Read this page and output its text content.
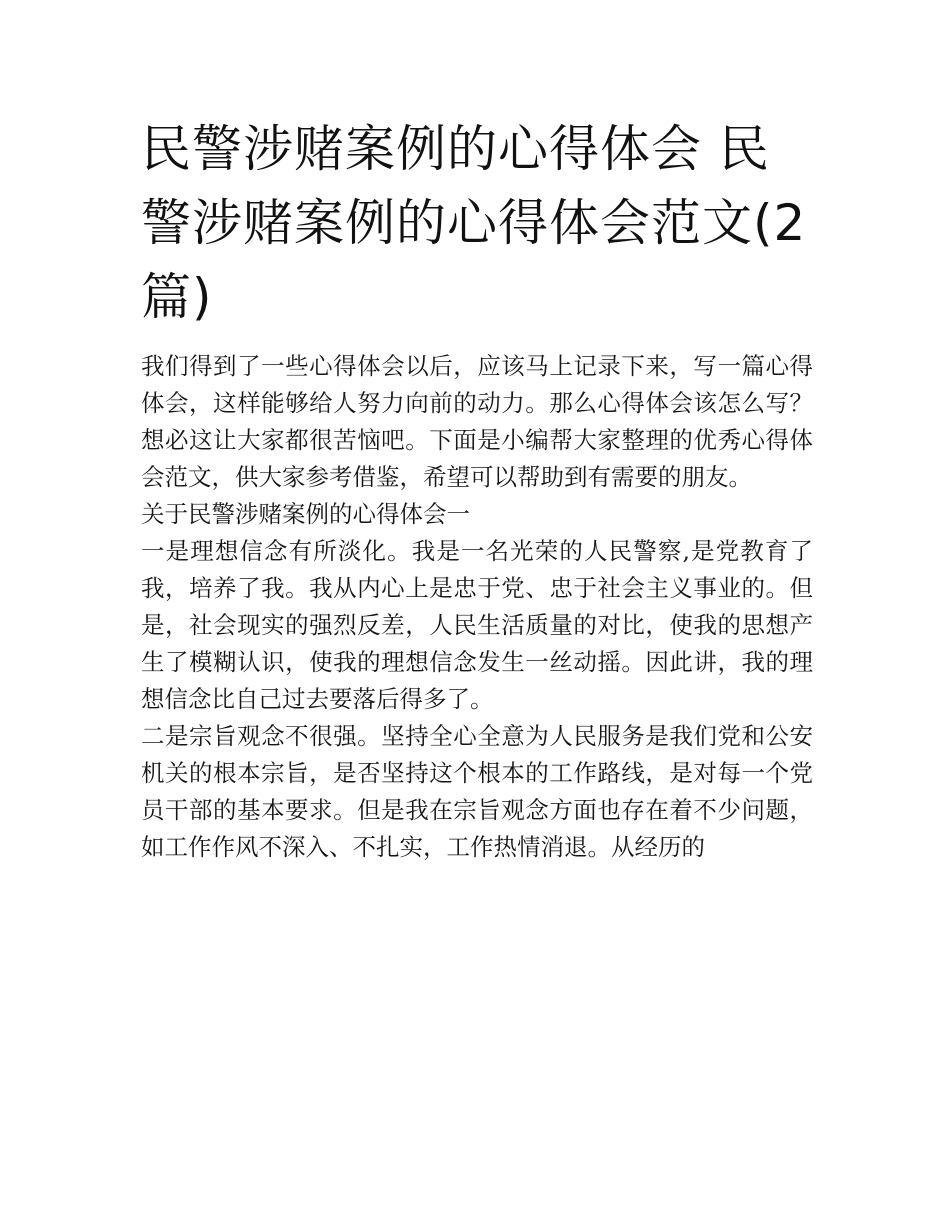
民警涉赌案例的心得体会 民警涉赌案例的心得体会范文(2篇)

我们得到了一些心得体会以后，应该马上记录下来，写一篇心得体会，这样能够给人努力向前的动力。那么心得体会该怎么写？想必这让大家都很苦恼吧。下面是小编帮大家整理的优秀心得体会范文，供大家参考借鉴，希望可以帮助到有需要的朋友。

关于民警涉赌案例的心得体会一

一是理想信念有所淡化。我是一名光荣的人民警察,是党教育了我，培养了我。我从内心上是忠于党、忠于社会主义事业的。但是，社会现实的强烈反差，人民生活质量的对比，使我的思想产生了模糊认识，使我的理想信念发生一丝动摇。因此讲，我的理想信念比自己过去要落后得多了。

二是宗旨观念不很强。坚持全心全意为人民服务是我们党和公安机关的根本宗旨，是否坚持这个根本的工作路线，是对每一个党员干部的基本要求。但是我在宗旨观念方面也存在着不少问题，如工作作风不深入、不扎实，工作热情消退。从经历的
